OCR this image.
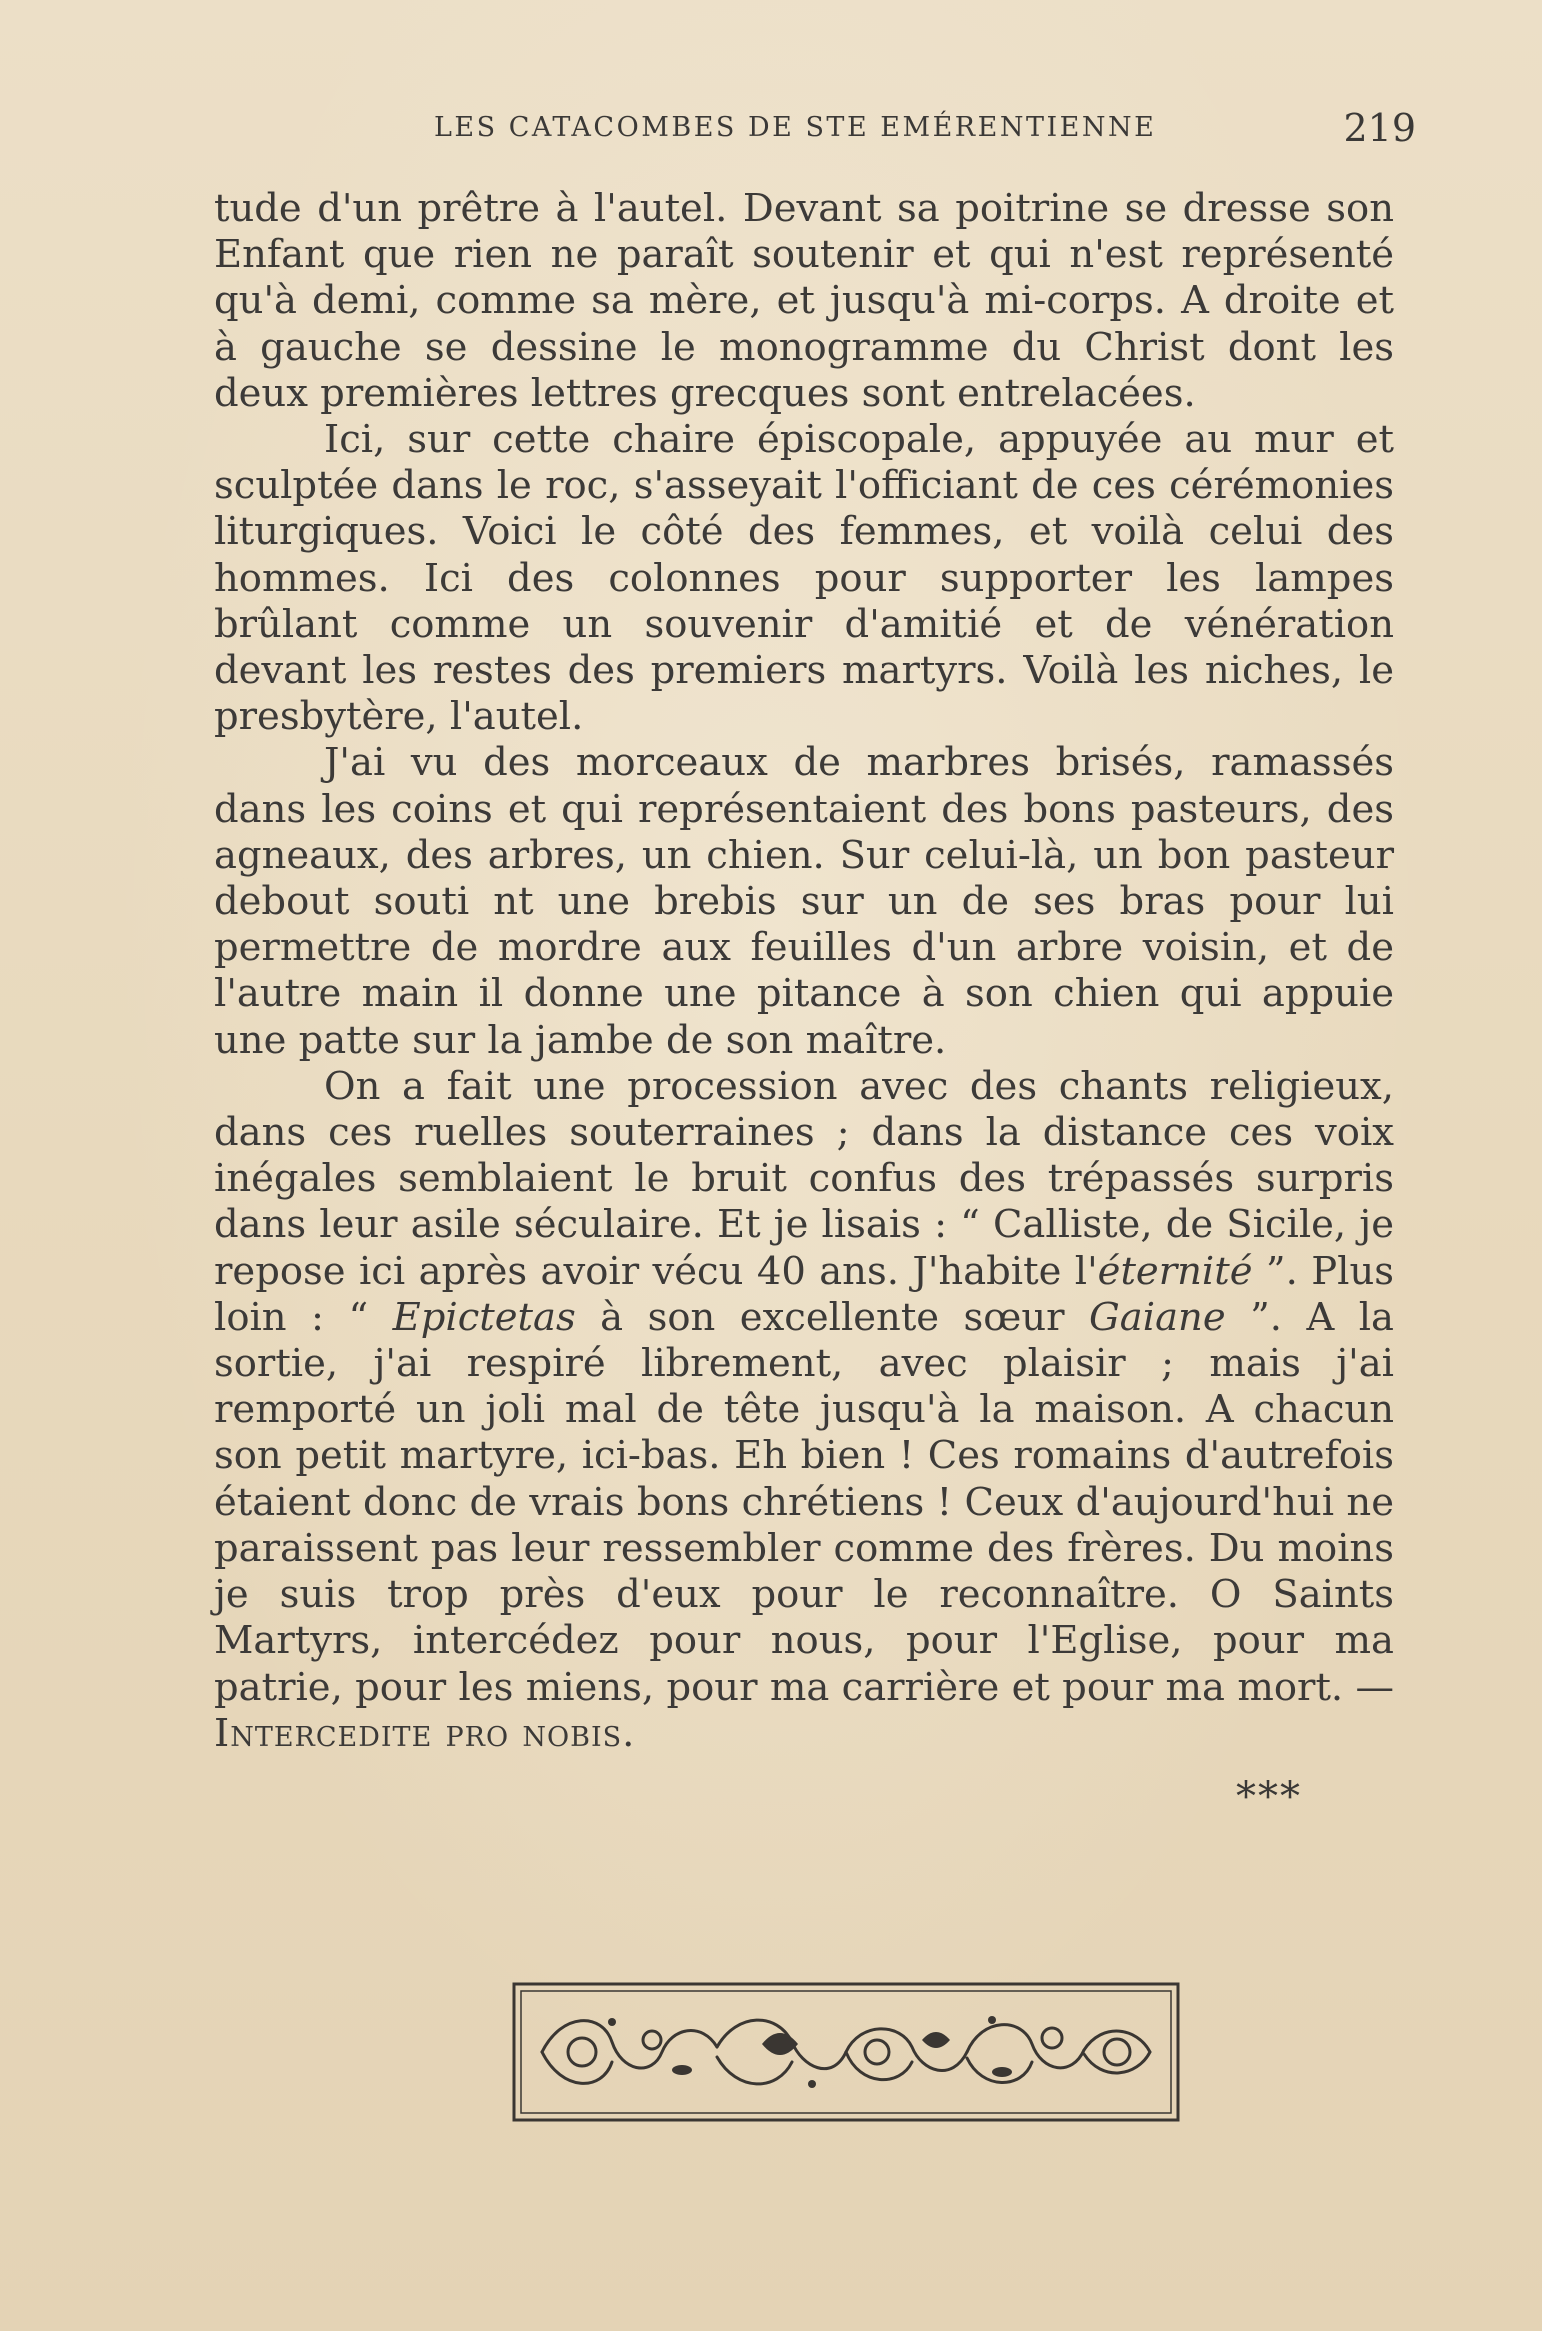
LES CATACOMBES DE STE EMÉRENTIENNE	219

tude d'un prêtre à l'autel. Devant sa poitrine se dresse son Enfant que rien ne paraît soutenir et qui n'est représenté qu'à demi, comme sa mère, et jusqu'à mi-corps. A droite et à gauche se dessine le monogramme du Christ dont les deux premières lettres grecques sont entrelacées.

Ici, sur cette chaire épiscopale, appuyée au mur et sculptée dans le roc, s'asseyait l'officiant de ces cérémonies liturgiques. Voici le côté des femmes, et voilà celui des hommes. Ici des colonnes pour supporter les lampes brûlant comme un souvenir d'amitié et de vénération devant les restes des premiers martyrs. Voilà les niches, le presbytère, l'autel.

J'ai vu des morceaux de marbres brisés, ramassés dans les coins et qui représentaient des bons pasteurs, des agneaux, des arbres, un chien. Sur celui-là, un bon pasteur debout souti nt une brebis sur un de ses bras pour lui permettre de mordre aux feuilles d'un arbre voisin, et de l'autre main il donne une pitance à son chien qui appuie une patte sur la jambe de son maître.

On a fait une procession avec des chants religieux, dans ces ruelles souterraines ; dans la distance ces voix inégales semblaient le bruit confus des trépassés surpris dans leur asile séculaire. Et je lisais : “ Calliste, de Sicile, je repose ici après avoir vécu 40 ans. J'habite l'éternité ”. Plus loin : “ Epictetas à son excellente sœur Gaiane ”. A la sortie, j'ai respiré librement, avec plaisir ; mais j'ai remporté un joli mal de tête jusqu'à la maison. A chacun son petit martyre, ici-bas. Eh bien ! Ces romains d'autrefois étaient donc de vrais bons chrétiens ! Ceux d'aujourd'hui ne paraissent pas leur ressembler comme des frères. Du moins je suis trop près d'eux pour le reconnaître. O Saints Martyrs, intercédez pour nous, pour l'Eglise, pour ma patrie, pour les miens, pour ma carrière et pour ma mort. — Intercedite pro nobis.

***
